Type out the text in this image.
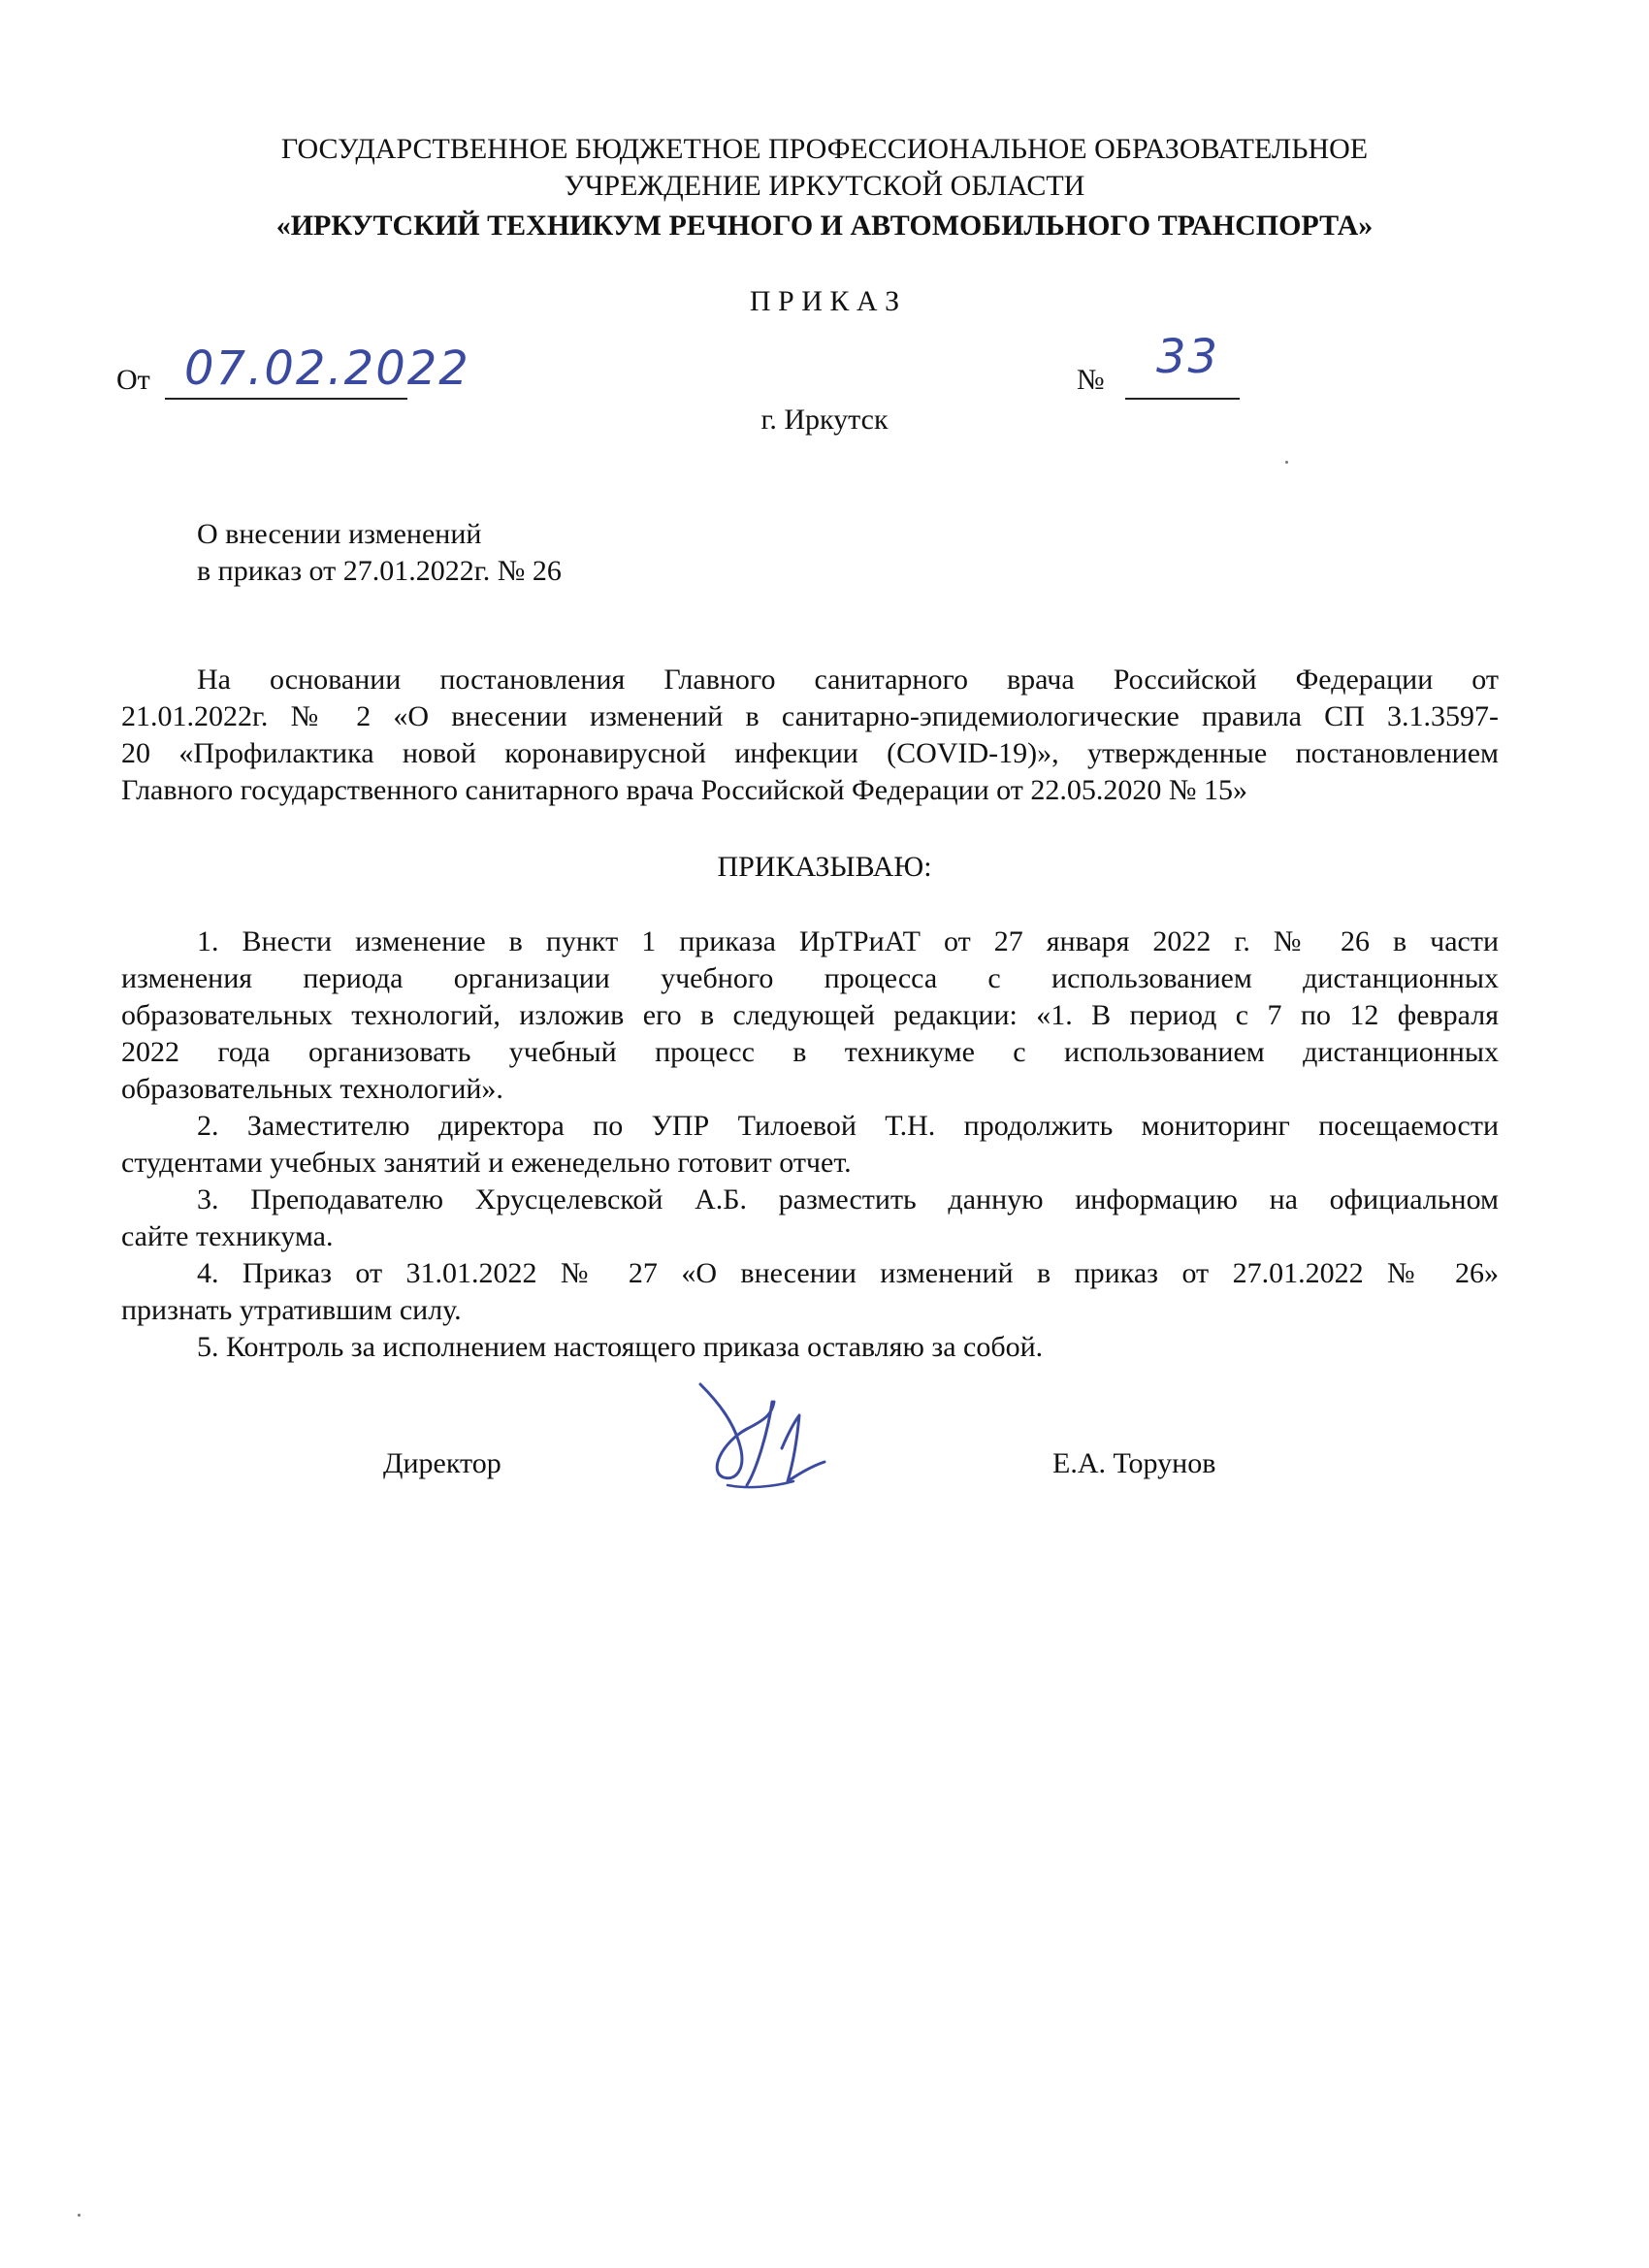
ГОСУДАРСТВЕННОЕ БЮДЖЕТНОЕ ПРОФЕССИОНАЛЬНОЕ ОБРАЗОВАТЕЛЬНОЕ
УЧРЕЖДЕНИЕ ИРКУТСКОЙ ОБЛАСТИ
«ИРКУТСКИЙ ТЕХНИКУМ РЕЧНОГО И АВТОМОБИЛЬНОГО ТРАНСПОРТА»
П Р И К А З
От 07.02.2022	№ 33
г. Иркутск
О внесении изменений
в приказ от 27.01.2022г. № 26
На основании постановления Главного санитарного врача Российской Федерации от
21.01.2022г. № 2 «О внесении изменений в санитарно-эпидемиологические правила СП 3.1.3597-
20 «Профилактика новой коронавирусной инфекции (COVID-19)», утвержденные постановлением
Главного государственного санитарного врача Российской Федерации от 22.05.2020 № 15»
ПРИКАЗЫВАЮ:
1. Внести изменение в пункт 1 приказа ИрТРиАТ от 27 января 2022 г. № 26 в части
изменения периода организации учебного процесса с использованием дистанционных
образовательных технологий, изложив его в следующей редакции: «1. В период с 7 по 12 февраля
2022 года организовать учебный процесс в техникуме с использованием дистанционных
образовательных технологий».
2. Заместителю директора по УПР Тилоевой Т.Н. продолжить мониторинг посещаемости
студентами учебных занятий и еженедельно готовит отчет.
3. Преподавателю Хрусцелевской А.Б. разместить данную информацию на официальном
сайте техникума.
4. Приказ от 31.01.2022 № 27 «О внесении изменений в приказ от 27.01.2022 № 26»
признать утратившим силу.
5. Контроль за исполнением настоящего приказа оставляю за собой.
Директор	Е.А. Торунов
